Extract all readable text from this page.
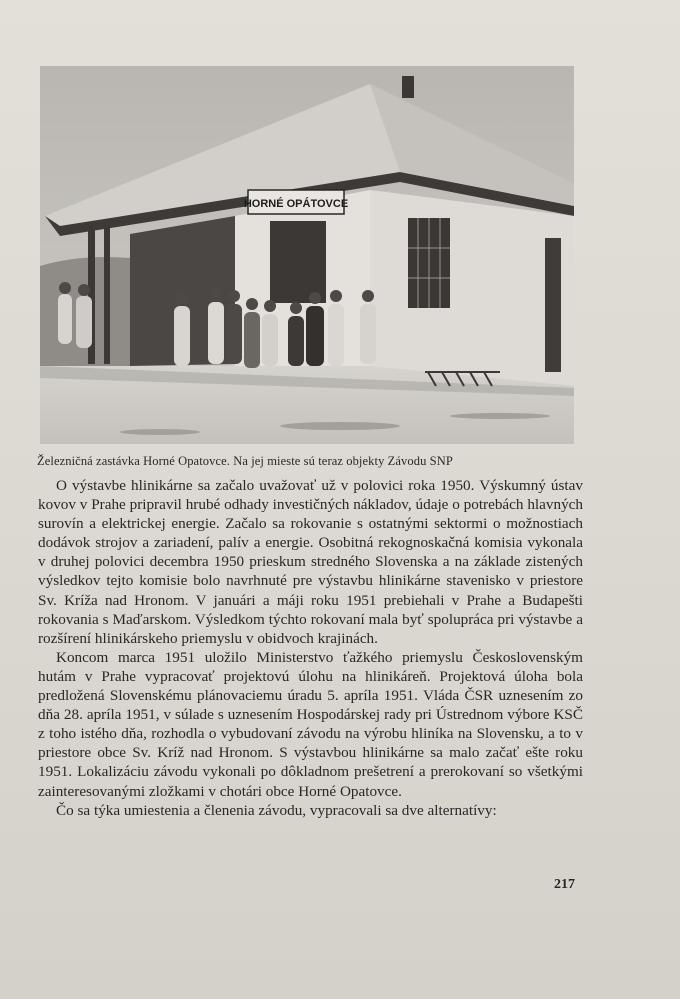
HORNÉ OPÁTOVCE
Železničná zastávka Horné Opatovce. Na jej mieste sú teraz objekty Závodu SNP

O výstavbe hlinikárne sa začalo uvažovať už v polovici roka 1950. Výskumný ústav kovov v Prahe pripravil hrubé odhady investičných nákladov, údaje o potrebách hlavných surovín a elektrickej energie. Začalo sa rokovanie s ostatnými sektormi o možnostiach dodávok strojov a zariadení, palív a energie. Osobitná rekognoskačná komisia vykonala v druhej polovici decembra 1950 prieskum stredného Slovenska a na základe zistených výsledkov tejto komisie bolo navrhnuté pre výstavbu hlinikárne stavenisko v priestore Sv. Kríža nad Hronom. V januári a máji roku 1951 prebiehali v Prahe a Budapešti rokovania s Maďarskom. Výsledkom týchto rokovaní mala byť spolupráca pri výstavbe a rozšírení hlinikárskeho priemyslu v obidvoch krajinách.

Koncom marca 1951 uložilo Ministerstvo ťažkého priemyslu Československým hutám v Prahe vypracovať projektovú úlohu na hlinikáreň. Projektová úloha bola predložená Slovenskému plánovaciemu úradu 5. apríla 1951. Vláda ČSR uznesením zo dňa 28. apríla 1951, v súlade s uznesením Hospodárskej rady pri Ústrednom výbore KSČ z toho istého dňa, rozhodla o vybudovaní závodu na výrobu hliníka na Slovensku, a to v priestore obce Sv. Kríž nad Hronom. S výstavbou hlinikárne sa malo začať ešte roku 1951. Lokalizáciu závodu vykonali po dôkladnom prešetrení a prerokovaní so všetkými zainteresovanými zložkami v chotári obce Horné Opatovce.

Čo sa týka umiestenia a členenia závodu, vypracovali sa dve alternatívy:

217
